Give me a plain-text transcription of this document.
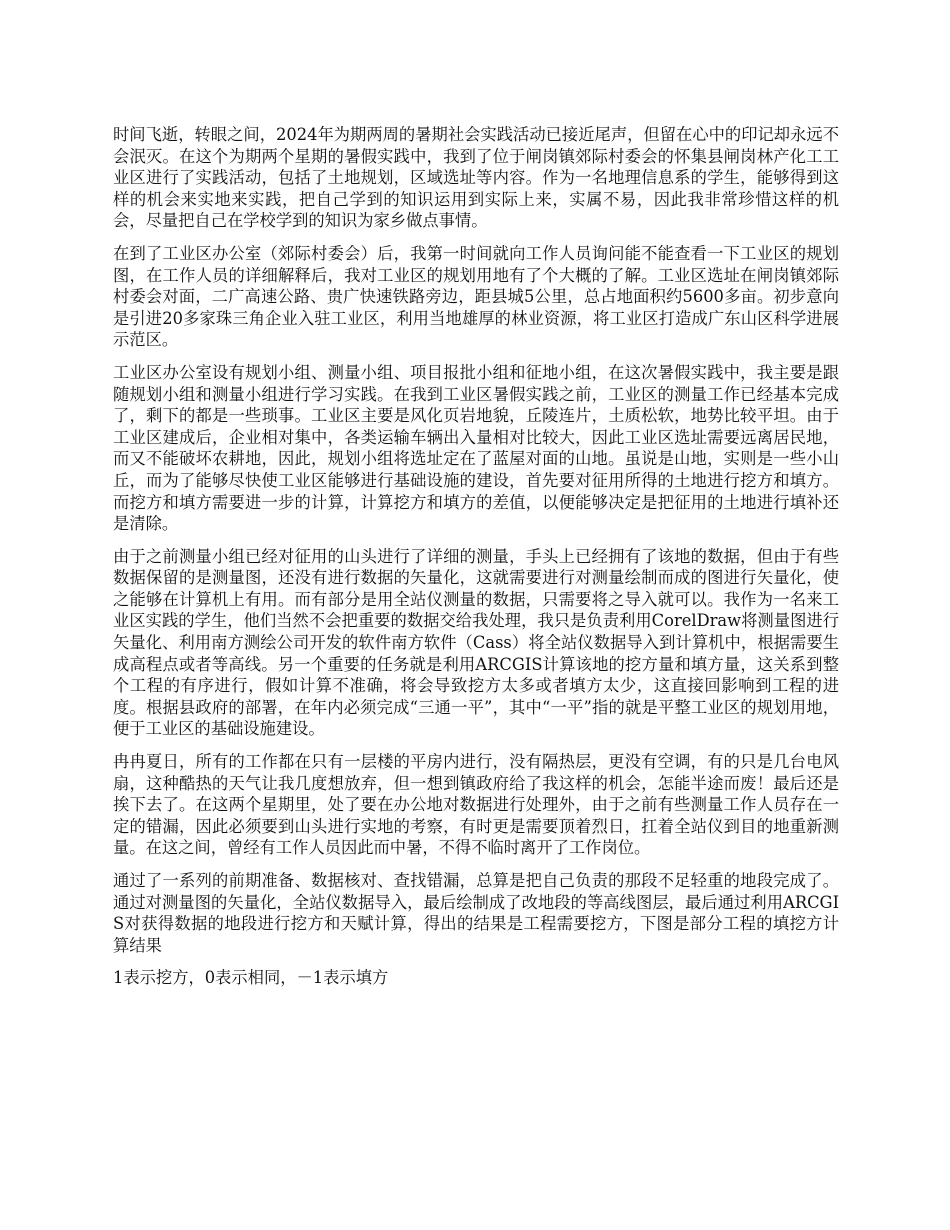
时间飞逝，转眼之间，2024年为期两周的暑期社会实践活动已接近尾声，但留在心中的印记却永远不会泯灭。在这个为期两个星期的暑假实践中，我到了位于闸岗镇郊际村委会的怀集县闸岗林产化工工业区进行了实践活动，包括了土地规划，区域选址等内容。作为一名地理信息系的学生，能够得到这样的机会来实地来实践，把自己学到的知识运用到实际上来，实属不易，因此我非常珍惜这样的机会，尽量把自己在学校学到的知识为家乡做点事情。

在到了工业区办公室（郊际村委会）后，我第一时间就向工作人员询问能不能查看一下工业区的规划图，在工作人员的详细解释后，我对工业区的规划用地有了个大概的了解。工业区选址在闸岗镇郊际村委会对面，二广高速公路、贵广快速铁路旁边，距县城5公里，总占地面积约5600多亩。初步意向是引进20多家珠三角企业入驻工业区，利用当地雄厚的林业资源，将工业区打造成广东山区科学进展示范区。

工业区办公室设有规划小组、测量小组、项目报批小组和征地小组，在这次暑假实践中，我主要是跟随规划小组和测量小组进行学习实践。在我到工业区暑假实践之前，工业区的测量工作已经基本完成了，剩下的都是一些琐事。工业区主要是风化页岩地貌，丘陵连片，土质松软，地势比较平坦。由于工业区建成后，企业相对集中，各类运输车辆出入量相对比较大，因此工业区选址需要远离居民地，而又不能破坏农耕地，因此，规划小组将选址定在了蓝屋对面的山地。虽说是山地，实则是一些小山丘，而为了能够尽快使工业区能够进行基础设施的建设，首先要对征用所得的土地进行挖方和填方。而挖方和填方需要进一步的计算，计算挖方和填方的差值，以便能够决定是把征用的土地进行填补还是清除。

由于之前测量小组已经对征用的山头进行了详细的测量，手头上已经拥有了该地的数据，但由于有些数据保留的是测量图，还没有进行数据的矢量化，这就需要进行对测量绘制而成的图进行矢量化，使之能够在计算机上有用。而有部分是用全站仪测量的数据，只需要将之导入就可以。我作为一名来工业区实践的学生，他们当然不会把重要的数据交给我处理，我只是负责利用CorelDraw将测量图进行矢量化、利用南方测绘公司开发的软件南方软件（Cass）将全站仪数据导入到计算机中，根据需要生成高程点或者等高线。另一个重要的任务就是利用ARCGIS计算该地的挖方量和填方量，这关系到整个工程的有序进行，假如计算不准确，将会导致挖方太多或者填方太少，这直接回影响到工程的进度。根据县政府的部署，在年内必须完成“三通一平”，其中“一平”指的就是平整工业区的规划用地，便于工业区的基础设施建设。

冉冉夏日，所有的工作都在只有一层楼的平房内进行，没有隔热层，更没有空调，有的只是几台电风扇，这种酷热的天气让我几度想放弃，但一想到镇政府给了我这样的机会，怎能半途而废！最后还是挨下去了。在这两个星期里，处了要在办公地对数据进行处理外，由于之前有些测量工作人员存在一定的错漏，因此必须要到山头进行实地的考察，有时更是需要顶着烈日，扛着全站仪到目的地重新测量。在这之间，曾经有工作人员因此而中暑，不得不临时离开了工作岗位。

通过了一系列的前期准备、数据核对、查找错漏，总算是把自己负责的那段不足轻重的地段完成了。通过对测量图的矢量化，全站仪数据导入，最后绘制成了改地段的等高线图层，最后通过利用ARCGIS对获得数据的地段进行挖方和天赋计算，得出的结果是工程需要挖方，下图是部分工程的填挖方计算结果

1表示挖方，0表示相同，－1表示填方
